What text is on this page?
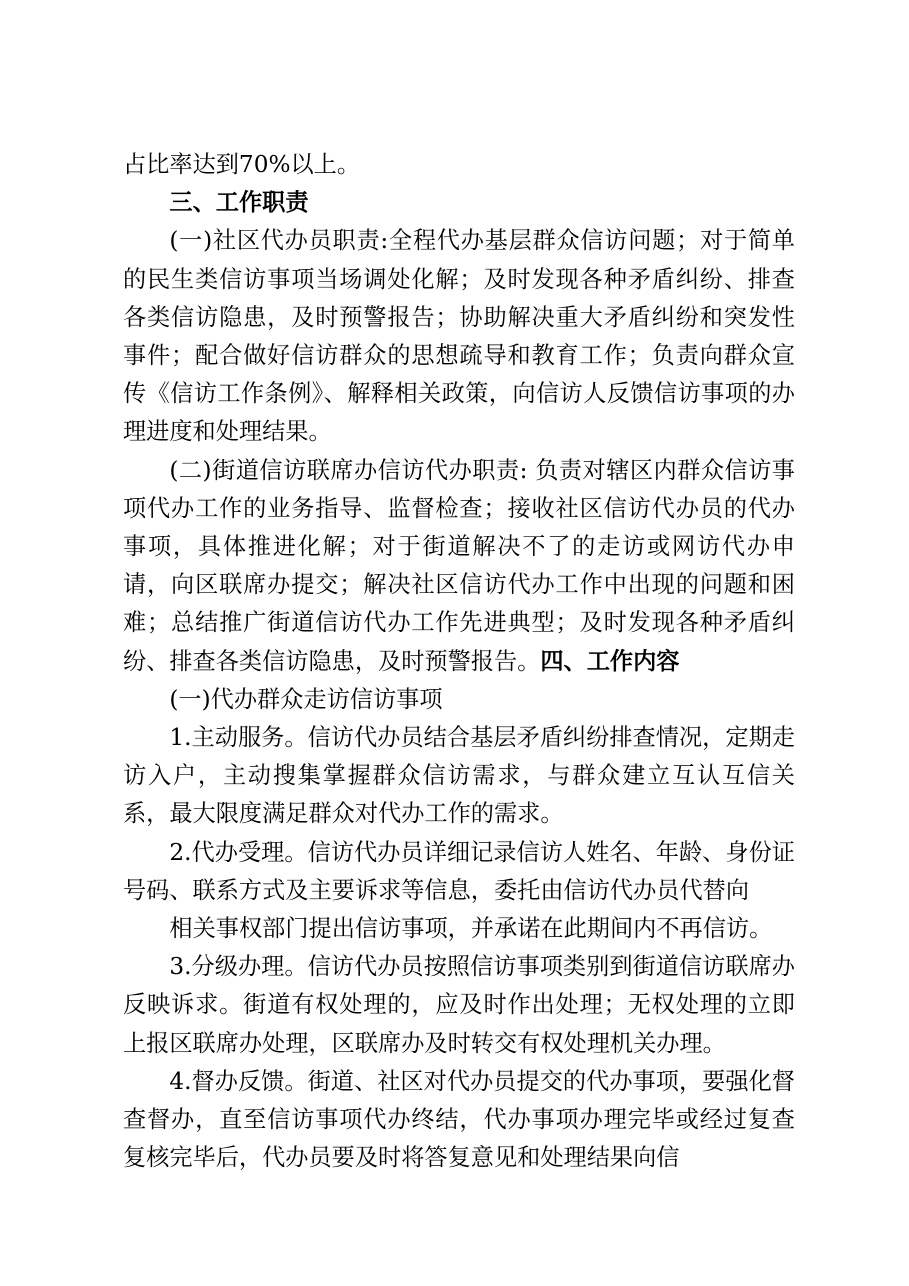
占比率达到70%以上。

三、工作职责

(一)社区代办员职责:全程代办基层群众信访问题；对于简单的民生类信访事项当场调处化解；及时发现各种矛盾纠纷、排查各类信访隐患，及时预警报告；协助解决重大矛盾纠纷和突发性事件；配合做好信访群众的思想疏导和教育工作；负责向群众宣传《信访工作条例》、解释相关政策，向信访人反馈信访事项的办理进度和处理结果。

(二)街道信访联席办信访代办职责: 负责对辖区内群众信访事项代办工作的业务指导、监督检查；接收社区信访代办员的代办事项，具体推进化解；对于街道解决不了的走访或网访代办申请，向区联席办提交；解决社区信访代办工作中出现的问题和困难；总结推广街道信访代办工作先进典型；及时发现各种矛盾纠纷、排查各类信访隐患，及时预警报告。四、工作内容

(一)代办群众走访信访事项

1.主动服务。信访代办员结合基层矛盾纠纷排查情况，定期走访入户，主动搜集掌握群众信访需求，与群众建立互认互信关系，最大限度满足群众对代办工作的需求。

2.代办受理。信访代办员详细记录信访人姓名、年龄、身份证号码、联系方式及主要诉求等信息，委托由信访代办员代替向

相关事权部门提出信访事项，并承诺在此期间内不再信访。

3.分级办理。信访代办员按照信访事项类别到街道信访联席办反映诉求。街道有权处理的，应及时作出处理；无权处理的立即上报区联席办处理，区联席办及时转交有权处理机关办理。

4.督办反馈。街道、社区对代办员提交的代办事项，要强化督查督办，直至信访事项代办终结，代办事项办理完毕或经过复查复核完毕后，代办员要及时将答复意见和处理结果向信
